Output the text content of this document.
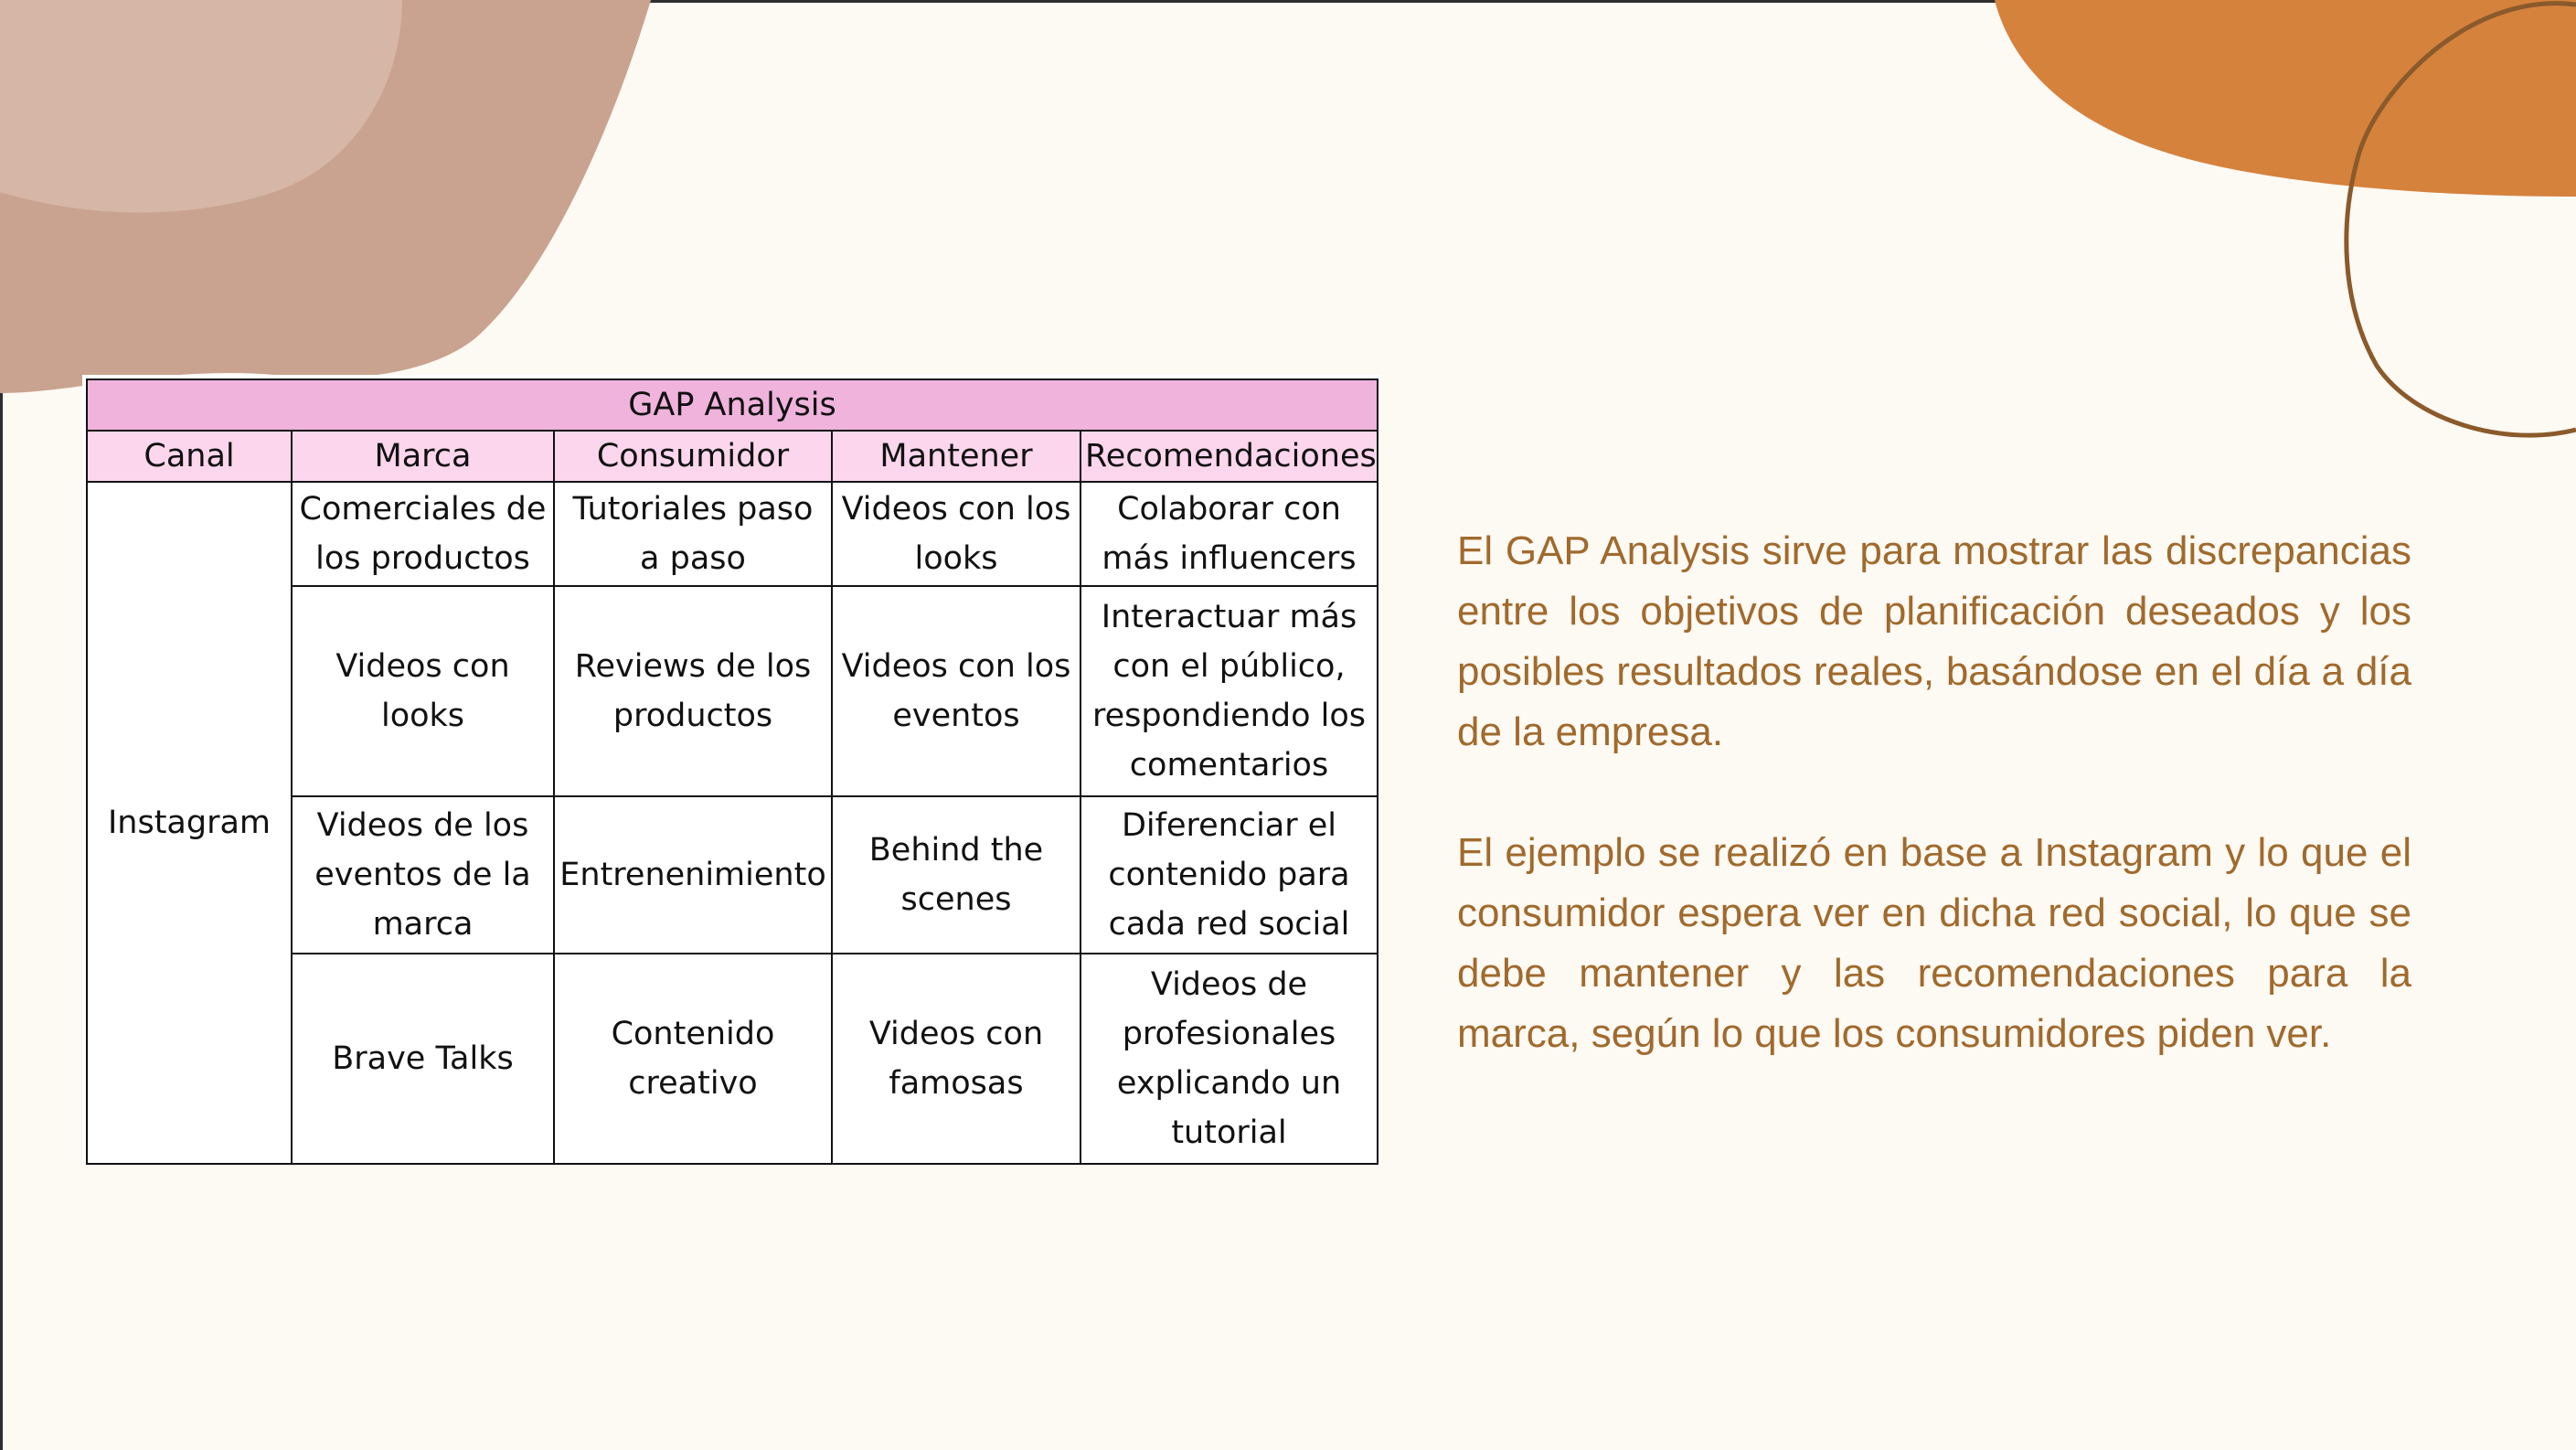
GAP Analysis				
Canal	Marca	Consumidor	Mantener	Recomendaciones
Instagram	Comerciales de los productos	Tutoriales paso a paso	Videos con los looks	Colaborar con más influencers
	Videos con looks	Reviews de los productos	Videos con los eventos	Interactuar más con el público, respondiendo los comentarios
	Videos de los eventos de la marca	Entrenenimiento	Behind the scenes	Diferenciar el contenido para cada red social
	Brave Talks	Contenido creativo	Videos con famosas	Videos de profesionales explicando un tutorial

El GAP Analysis sirve para mostrar las discrepancias entre los objetivos de planificación deseados y los posibles resultados reales, basándose en el día a día de la empresa.

El ejemplo se realizó en base a Instagram y lo que el consumidor espera ver en dicha red social, lo que se debe mantener y las recomendaciones para la marca, según lo que los consumidores piden ver.
